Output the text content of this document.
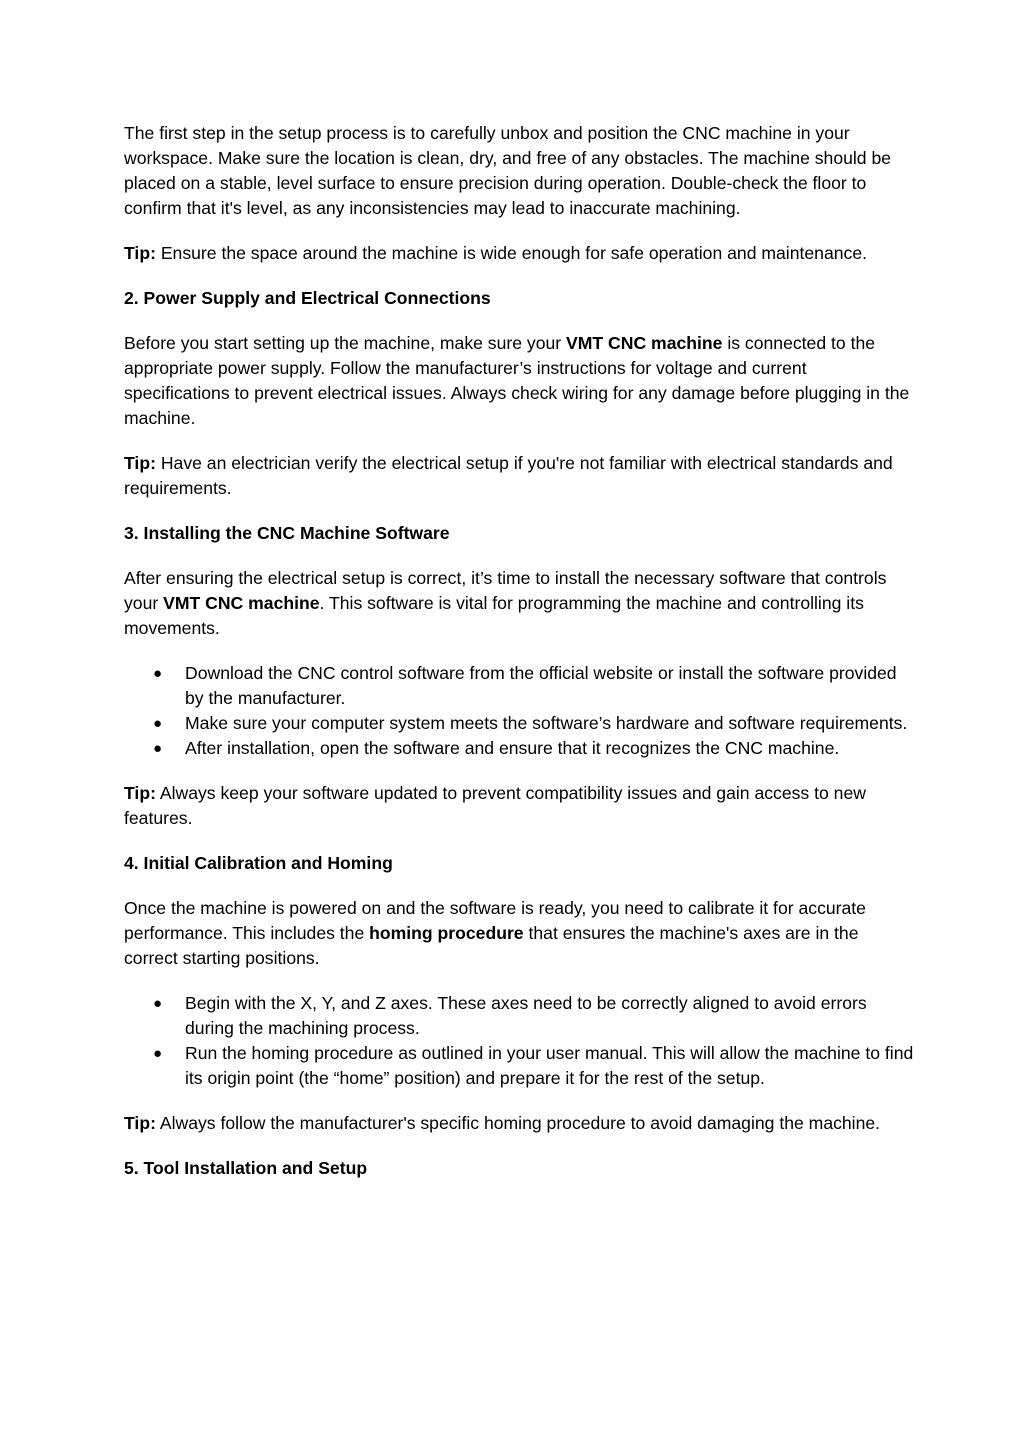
The first step in the setup process is to carefully unbox and position the CNC machine in your workspace. Make sure the location is clean, dry, and free of any obstacles. The machine should be placed on a stable, level surface to ensure precision during operation. Double-check the floor to confirm that it's level, as any inconsistencies may lead to inaccurate machining.

Tip: Ensure the space around the machine is wide enough for safe operation and maintenance.

2. Power Supply and Electrical Connections

Before you start setting up the machine, make sure your VMT CNC machine is connected to the appropriate power supply. Follow the manufacturer’s instructions for voltage and current specifications to prevent electrical issues. Always check wiring for any damage before plugging in the machine.

Tip: Have an electrician verify the electrical setup if you're not familiar with electrical standards and requirements.

3. Installing the CNC Machine Software

After ensuring the electrical setup is correct, it’s time to install the necessary software that controls your VMT CNC machine. This software is vital for programming the machine and controlling its movements.

● Download the CNC control software from the official website or install the software provided by the manufacturer.
● Make sure your computer system meets the software’s hardware and software requirements.
● After installation, open the software and ensure that it recognizes the CNC machine.

Tip: Always keep your software updated to prevent compatibility issues and gain access to new features.

4. Initial Calibration and Homing

Once the machine is powered on and the software is ready, you need to calibrate it for accurate performance. This includes the homing procedure that ensures the machine's axes are in the correct starting positions.

● Begin with the X, Y, and Z axes. These axes need to be correctly aligned to avoid errors during the machining process.
● Run the homing procedure as outlined in your user manual. This will allow the machine to find its origin point (the “home” position) and prepare it for the rest of the setup.

Tip: Always follow the manufacturer's specific homing procedure to avoid damaging the machine.

5. Tool Installation and Setup
